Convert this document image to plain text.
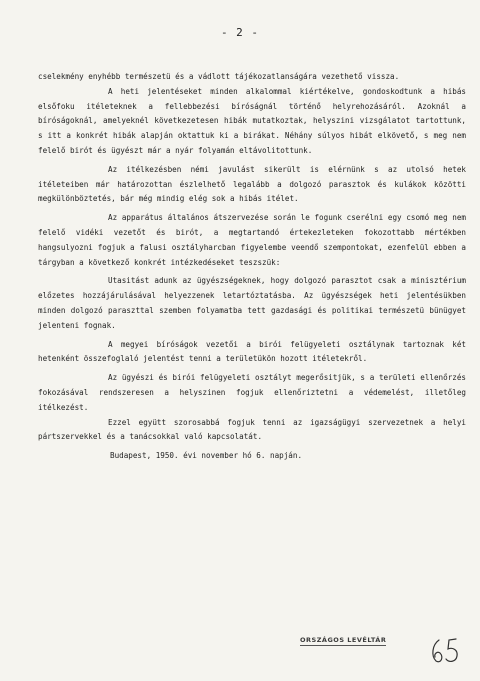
- 2 -

cselekmény enyhébb természetü és a vádlott tájékozatlanságára vezethető vissza.

A heti jelentéseket minden alkalommal kiértékelve, gondoskodtunk a hibás elsőfoku itéleteknek a fellebbezési bíróságnál történő helyrehozásáról. Azoknál a bíróságoknál, amelyeknél következetesen hibák mutatkoztak, helyszini vizsgálatot tartottunk, s itt a konkrét hibák alapján oktattuk ki a birákat. Néhány súlyos hibát elkövető, s meg nem felelő birót és ügyészt már a nyár folyamán eltávolitottunk.

Az itélkezésben némi javulást sikerült is elérnünk s az utolsó hetek itéleteiben már határozottan észlelhető legalább a dolgozó parasztok és kulákok közötti megkülönböztetés, bár még mindig elég sok a hibás itélet.

Az apparátus általános átszervezése során le fogunk cserélni egy csomó meg nem felelő vidéki vezetőt és birót, a megtartandó értekezleteken fokozottabb mértékben hangsulyozni fogjuk a falusi osztályharcban figyelembe veendő szempontokat, ezenfelül ebben a tárgyban a következő konkrét intézkedéseket teszszük:

Utasitást adunk az ügyészségeknek, hogy dolgozó parasztot csak a minisztérium előzetes hozzájárulásával helyezzenek letartóztatásba. Az ügyészségek heti jelentésükben minden dolgozó paraszttal szemben folyamatba tett gazdasági és politikai természetü bünügyet jelenteni fognak.

A megyei bíróságok vezetői a birói felügyeleti osztálynak tartoznak két hetenként összefoglaló jelentést tenni a területükön hozott itéletekről.

Az ügyészi és birói felügyeleti osztályt megerősitjük, s a területi ellenőrzés fokozásával rendszeresen a helyszinen fogjuk ellenőriztetni a védemelést, illetőleg itélkezést.

Ezzel együtt szorosabbá fogjuk tenni az igazságügyi szervezetnek a helyi pártszervekkel és a tanácsokkal való kapcsolatát.

Budapest, 1950. évi november hó 6. napján.

ORSZÁGOS LEVÉLTÁR
